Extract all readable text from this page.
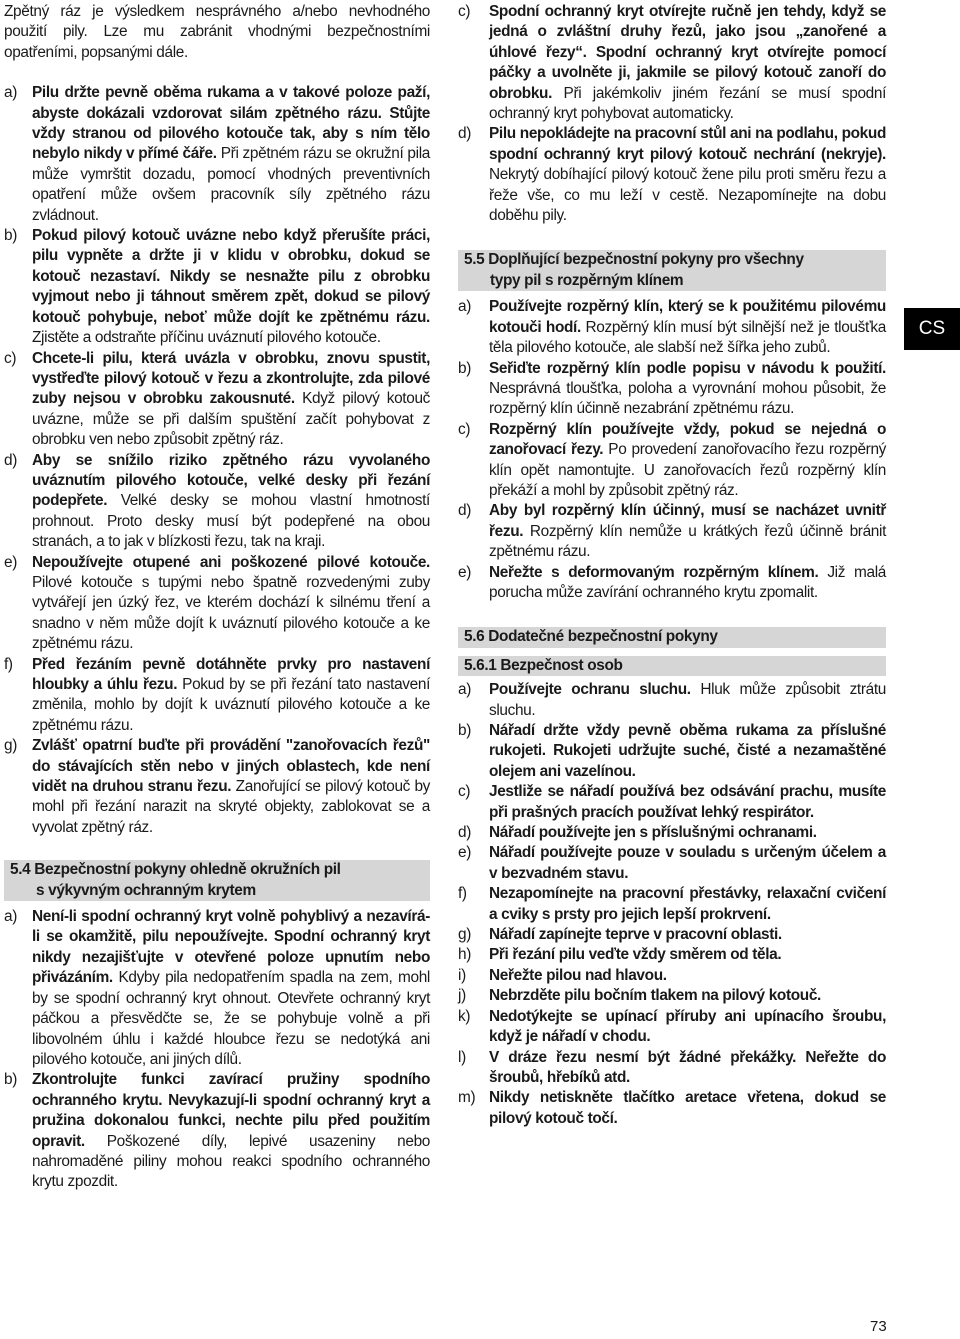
Zpětný ráz je výsledkem nesprávného a/nebo nevhodného použití pily. Lze mu zabránit vhodnými bezpečnostními opatřeními, popsanými dále.

a) Pilu držte pevně oběma rukama a v takové poloze paží, abyste dokázali vzdorovat silám zpětného rázu. Stůjte vždy stranou od pilového kotouče tak, aby s ním tělo nebylo nikdy v přímé čáře. Při zpětném rázu se okružní pila může vymrštit dozadu, pomocí vhodných preventivních opatření může ovšem pracovník síly zpětného rázu zvládnout.
b) Pokud pilový kotouč uvázne nebo když přerušíte práci, pilu vypněte a držte ji v klidu v obrobku, dokud se kotouč nezastaví. Nikdy se nesnažte pilu z obrobku vyjmout nebo ji táhnout směrem zpět, dokud se pilový kotouč pohybuje, neboť může dojít ke zpětnému rázu. Zjistěte a odstraňte příčinu uváznutí pilového kotouče.
c) Chcete-li pilu, která uvázla v obrobku, znovu spustit, vystřeďte pilový kotouč v řezu a zkontrolujte, zda pilové zuby nejsou v obrobku zakousnuté. Když pilový kotouč uvázne, může se při dalším spuštění začít pohybovat z obrobku ven nebo způsobit zpětný ráz.
d) Aby se snížilo riziko zpětného rázu vyvolaného uváznutím pilového kotouče, velké desky při řezání podepřete. Velké desky se mohou vlastní hmotností prohnout. Proto desky musí být podepřené na obou stranách, a to jak v blízkosti řezu, tak na kraji.
e) Nepoužívejte otupené ani poškozené pilové kotouče. Pilové kotouče s tupými nebo špatně rozvedenými zuby vytvářejí jen úzký řez, ve kterém dochází k silnému tření a snadno v něm může dojít k uváznutí pilového kotouče a ke zpětnému rázu.
f) Před řezáním pevně dotáhněte prvky pro nastavení hloubky a úhlu řezu. Pokud by se při řezání tato nastavení změnila, mohlo by dojít k uváznutí pilového kotouče a ke zpětnému rázu.
g) Zvlášť opatrní buďte při provádění "zanořovacích řezů" do stávajících stěn nebo v jiných oblastech, kde není vidět na druhou stranu řezu. Zanořující se pilový kotouč by mohl při řezání narazit na skryté objekty, zablokovat se a vyvolat zpětný ráz.
5.4 Bezpečnostní pokyny ohledně okružních pil
s výkyvným ochranným krytem
a) Není-li spodní ochranný kryt volně pohyblivý a nezavírá-li se okamžitě, pilu nepoužívejte. Spodní ochranný kryt nikdy nezajišťujte v otevřené poloze upnutím nebo přivázáním. Kdyby pila nedopatřením spadla na zem, mohl by se spodní ochranný kryt ohnout. Otevřete ochranný kryt páčkou a přesvědčte se, že se pohybuje volně a při libovolném úhlu i každé hloubce řezu se nedotýká ani pilového kotouče, ani jiných dílů.
b) Zkontrolujte funkci zavírací pružiny spodního ochranného krytu. Nevykazují-li spodní ochranný kryt a pružina dokonalou funkci, nechte pilu před použitím opravit. Poškozené díly, lepivé usazeniny nebo nahromaděné piliny mohou reakci spodního ochranného krytu zpozdit.
c) Spodní ochranný kryt otvírejte ručně jen tehdy, když se jedná o zvláštní druhy řezů, jako jsou „zanořené a úhlové řezy“. Spodní ochranný kryt otvírejte pomocí páčky a uvolněte ji, jakmile se pilový kotouč zanoří do obrobku. Při jakémkoliv jiném řezání se musí spodní ochranný kryt pohybovat automaticky.
d) Pilu nepokládejte na pracovní stůl ani na podlahu, pokud spodní ochranný kryt pilový kotouč nechrání (nekryje). Nekrytý dobíhající pilový kotouč žene pilu proti směru řezu a řeže vše, co mu leží v cestě. Nezapomínejte na dobu doběhu pily.
5.5 Doplňující bezpečnostní pokyny pro všechny
typy pil s rozpěrným klínem
a) Používejte rozpěrný klín, který se k použitému pilovému kotouči hodí. Rozpěrný klín musí být silnější než je tloušťka těla pilového kotouče, ale slabší než šířka jeho zubů.
b) Seřiďte rozpěrný klín podle popisu v návodu k použití. Nesprávná tloušťka, poloha a vyrovnání mohou působit, že rozpěrný klín účinně nezabrání zpětnému rázu.
c) Rozpěrný klín používejte vždy, pokud se nejedná o zanořovací řezy. Po provedení zanořovacího řezu rozpěrný klín opět namontujte. U zanořovacích řezů rozpěrný klín překáží a mohl by způsobit zpětný ráz.
d) Aby byl rozpěrný klín účinný, musí se nacházet uvnitř řezu. Rozpěrný klín nemůže u krátkých řezů účinně bránit zpětnému rázu.
e) Neřežte s deformovaným rozpěrným klínem. Již malá porucha může zavírání ochranného krytu zpomalit.
5.6 Dodatečné bezpečnostní pokyny
5.6.1 Bezpečnost osob
a) Používejte ochranu sluchu. Hluk může způsobit ztrátu sluchu.
b) Nářadí držte vždy pevně oběma rukama za příslušné rukojeti. Rukojeti udržujte suché, čisté a nezamaštěné olejem ani vazelínou.
c) Jestliže se nářadí používá bez odsávání prachu, musíte při prašných pracích používat lehký respirátor.
d) Nářadí používejte jen s příslušnými ochranami.
e) Nářadí používejte pouze v souladu s určeným účelem a v bezvadném stavu.
f) Nezapomínejte na pracovní přestávky, relaxační cvičení a cviky s prsty pro jejich lepší prokrvení.
g) Nářadí zapínejte teprve v pracovní oblasti.
h) Při řezání pilu veďte vždy směrem od těla.
i) Neřežte pilou nad hlavou.
j) Nebrzděte pilu bočním tlakem na pilový kotouč.
k) Nedotýkejte se upínací příruby ani upínacího šroubu, když je nářadí v chodu.
l) V dráze řezu nesmí být žádné překážky. Neřežte do šroubů, hřebíků atd.
m) Nikdy netiskněte tlačítko aretace vřetena, dokud se pilový kotouč točí.
CS
73
